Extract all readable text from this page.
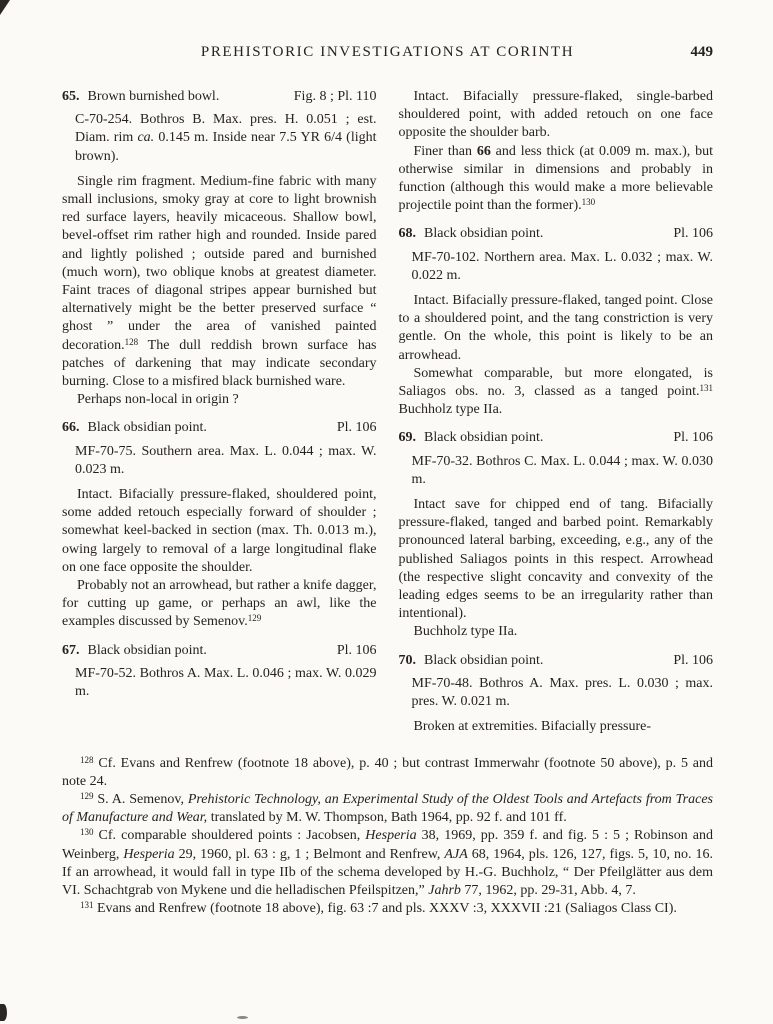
PREHISTORIC INVESTIGATIONS AT CORINTH	449
65. Brown burnished bowl.	Fig. 8 ; Pl. 110

C-70-254. Bothros B. Max. pres. H. 0.051 ; est. Diam. rim ca. 0.145 m. Inside near 7.5 YR 6/4 (light brown).

Single rim fragment. Medium-fine fabric with many small inclusions, smoky gray at core to light brownish red surface layers, heavily micaceous. Shallow bowl, bevel-offset rim rather high and rounded. Inside pared and lightly polished ; outside pared and burnished (much worn), two oblique knobs at greatest diameter. Faint traces of diagonal stripes appear burnished but alternatively might be the better preserved surface “ ghost ” under the area of vanished painted decoration.$^{128}$ The dull reddish brown surface has patches of darkening that may indicate secondary burning. Close to a misfired black burnished ware.

Perhaps non-local in origin ?

66. Black obsidian point.	Pl. 106

MF-70-75. Southern area. Max. L. 0.044 ; max. W. 0.023 m.

Intact. Bifacially pressure-flaked, shouldered point, some added retouch especially forward of shoulder ; somewhat keel-backed in section (max. Th. 0.013 m.), owing largely to removal of a large longitudinal flake on one face opposite the shoulder.

Probably not an arrowhead, but rather a knife dagger, for cutting up game, or perhaps an awl, like the examples discussed by Semenov.$^{129}$

67. Black obsidian point.	Pl. 106

MF-70-52. Bothros A. Max. L. 0.046 ; max. W. 0.029 m.

Intact. Bifacially pressure-flaked, single-barbed shouldered point, with added retouch on one face opposite the shoulder barb.

Finer than 66 and less thick (at 0.009 m. max.), but otherwise similar in dimensions and probably in function (although this would make a more believable projectile point than the former).$^{130}$

68. Black obsidian point.	Pl. 106

MF-70-102. Northern area. Max. L. 0.032 ; max. W. 0.022 m.

Intact. Bifacially pressure-flaked, tanged point. Close to a shouldered point, and the tang constriction is very gentle. On the whole, this point is likely to be an arrowhead.

Somewhat comparable, but more elongated, is Saliagos obs. no. 3, classed as a tanged point.$^{131}$ Buchholz type IIa.

69. Black obsidian point.	Pl. 106

MF-70-32. Bothros C. Max. L. 0.044 ; max. W. 0.030 m.

Intact save for chipped end of tang. Bifacially pressure-flaked, tanged and barbed point. Remarkably pronounced lateral barbing, exceeding, e.g., any of the published Saliagos points in this respect. Arrowhead (the respective slight concavity and convexity of the leading edges seems to be an irregularity rather than intentional).

Buchholz type IIa.

70. Black obsidian point.	Pl. 106

MF-70-48. Bothros A. Max. pres. L. 0.030 ; max. pres. W. 0.021 m.

Broken at extremities. Bifacially pressure-

$^{128}$ Cf. Evans and Renfrew (footnote 18 above), p. 40 ; but contrast Immerwahr (footnote 50 above), p. 5 and note 24.

$^{129}$ S. A. Semenov, Prehistoric Technology, an Experimental Study of the Oldest Tools and Artefacts from Traces of Manufacture and Wear, translated by M. W. Thompson, Bath 1964, pp. 92 f. and 101 ff.

$^{130}$ Cf. comparable shouldered points : Jacobsen, Hesperia 38, 1969, pp. 359 f. and fig. 5 : 5 ; Robinson and Weinberg, Hesperia 29, 1960, pl. 63 : g, 1 ; Belmont and Renfrew, AJA 68, 1964, pls. 126, 127, figs. 5, 10, no. 16. If an arrowhead, it would fall in type IIb of the schema developed by H.-G. Buchholz, “ Der Pfeilglätter aus dem VI. Schachtgrab von Mykene und die helladischen Pfeilspitzen,” Jahrb 77, 1962, pp. 29-31, Abb. 4, 7.

$^{131}$ Evans and Renfrew (footnote 18 above), fig. 63 :7 and pls. XXXV :3, XXXVII :21 (Saliagos Class CI).
